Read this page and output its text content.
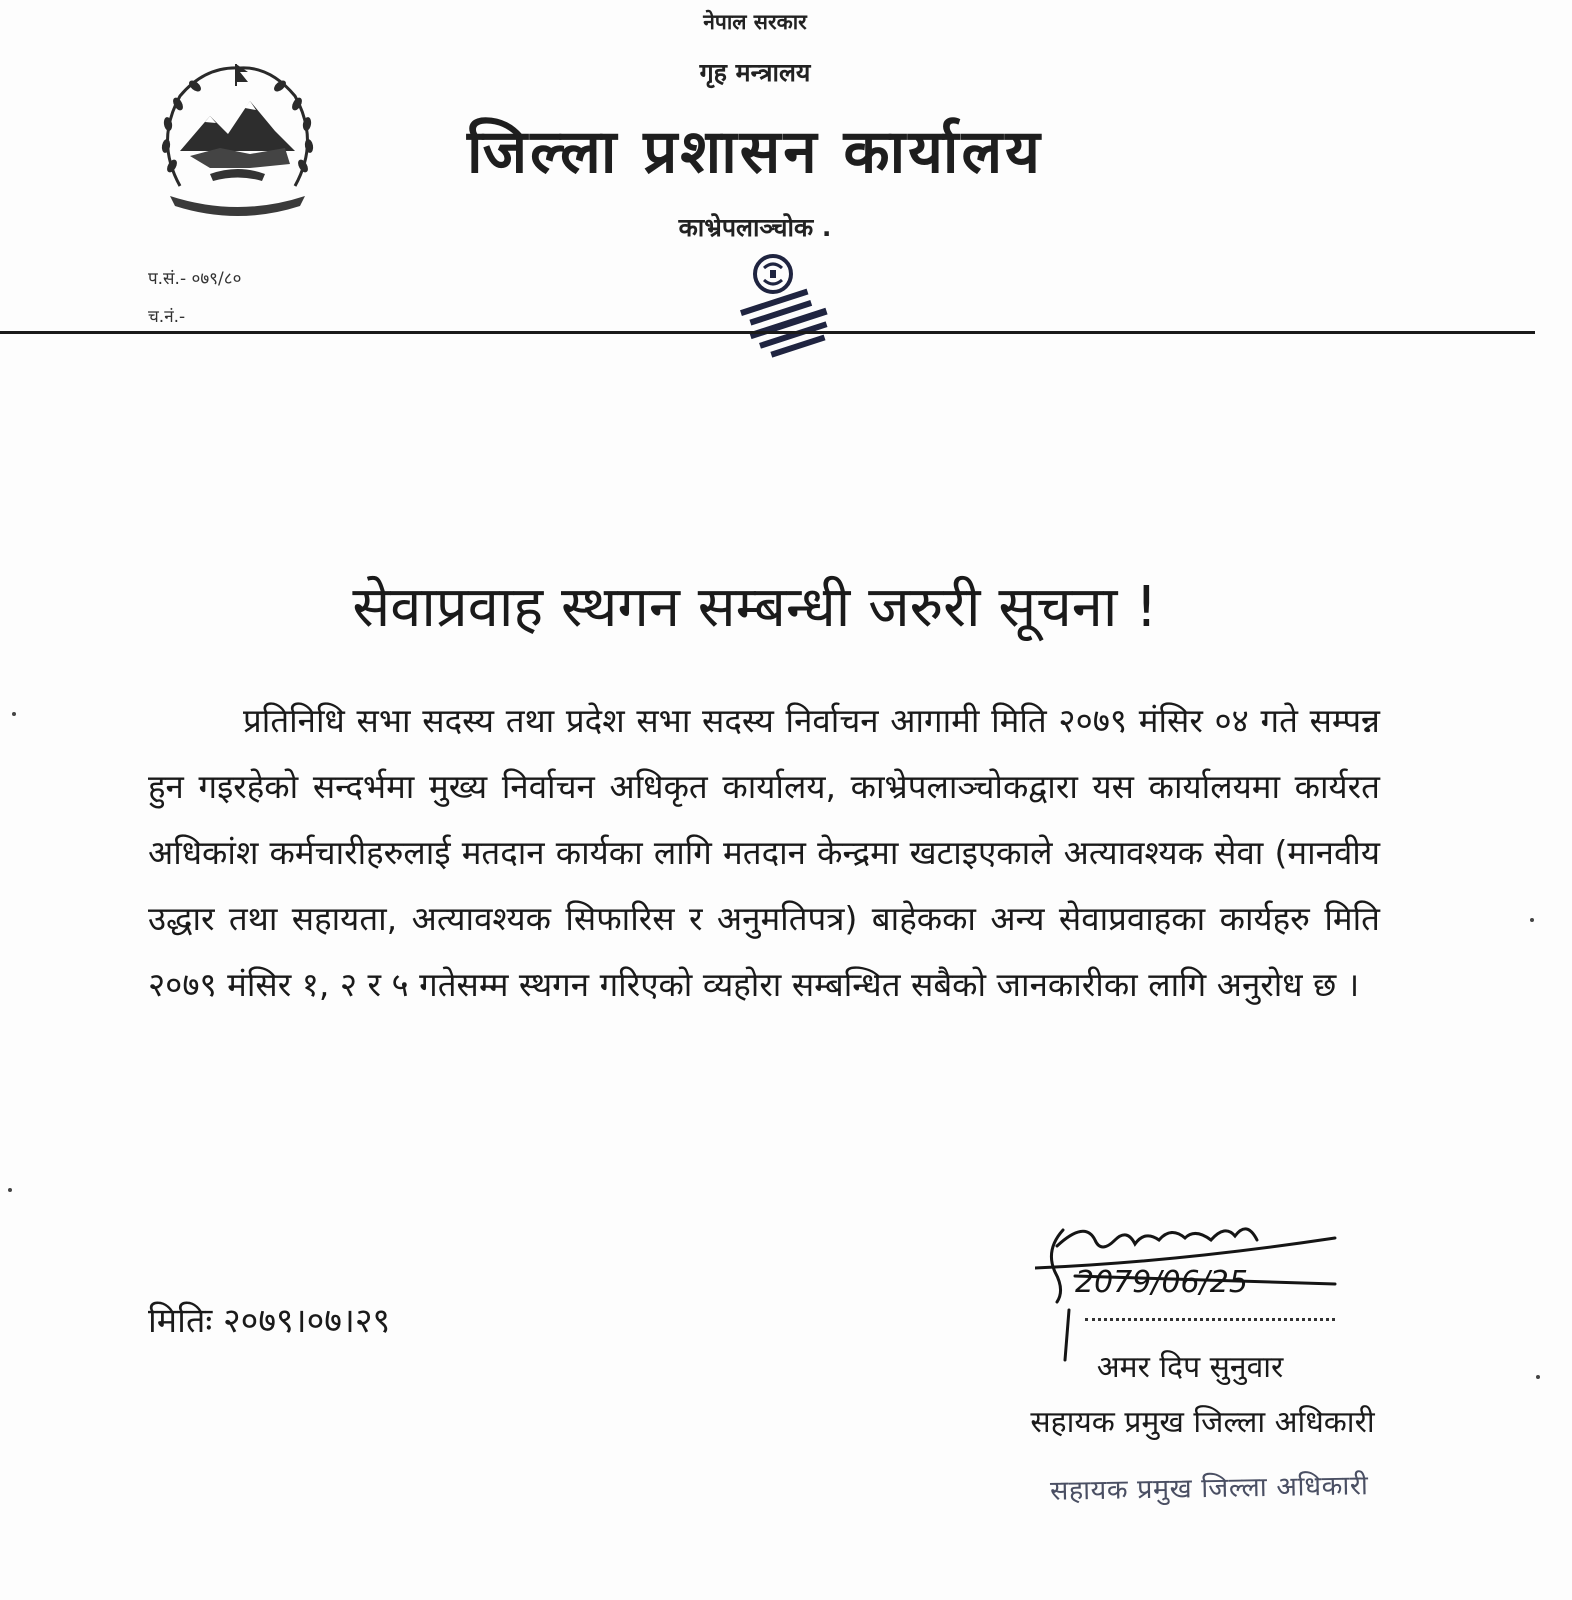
नेपाल सरकार
गृह मन्त्रालय
जिल्ला प्रशासन कार्यालय
काभ्रेपलाञ्चोक .
प.सं.- ०७९/८०
च.नं.-
सेवाप्रवाह स्थगन सम्बन्धी जरुरी सूचना !

प्रतिनिधि सभा सदस्य तथा प्रदेश सभा सदस्य निर्वाचन आगामी मिति २०७९ मंसिर ०४ गते सम्पन्न हुन गइरहेको सन्दर्भमा मुख्य निर्वाचन अधिकृत कार्यालय, काभ्रेपलाञ्चोकद्वारा यस कार्यालयमा कार्यरत अधिकांश कर्मचारीहरुलाई मतदान कार्यका लागि मतदान केन्द्रमा खटाइएकाले अत्यावश्यक सेवा (मानवीय उद्धार तथा सहायता, अत्यावश्यक सिफारिस र अनुमतिपत्र) बाहेकका अन्य सेवाप्रवाहका कार्यहरु मिति २०७९ मंसिर १, २ र ५ गतेसम्म स्थगन गरिएको व्यहोरा सम्बन्धित सबैको जानकारीका लागि अनुरोध छ ।

मितिः २०७९।०७।२९
2079/06/25
अमर दिप सुनुवार
सहायक प्रमुख जिल्ला अधिकारी
सहायक प्रमुख जिल्ला अधिकारी
